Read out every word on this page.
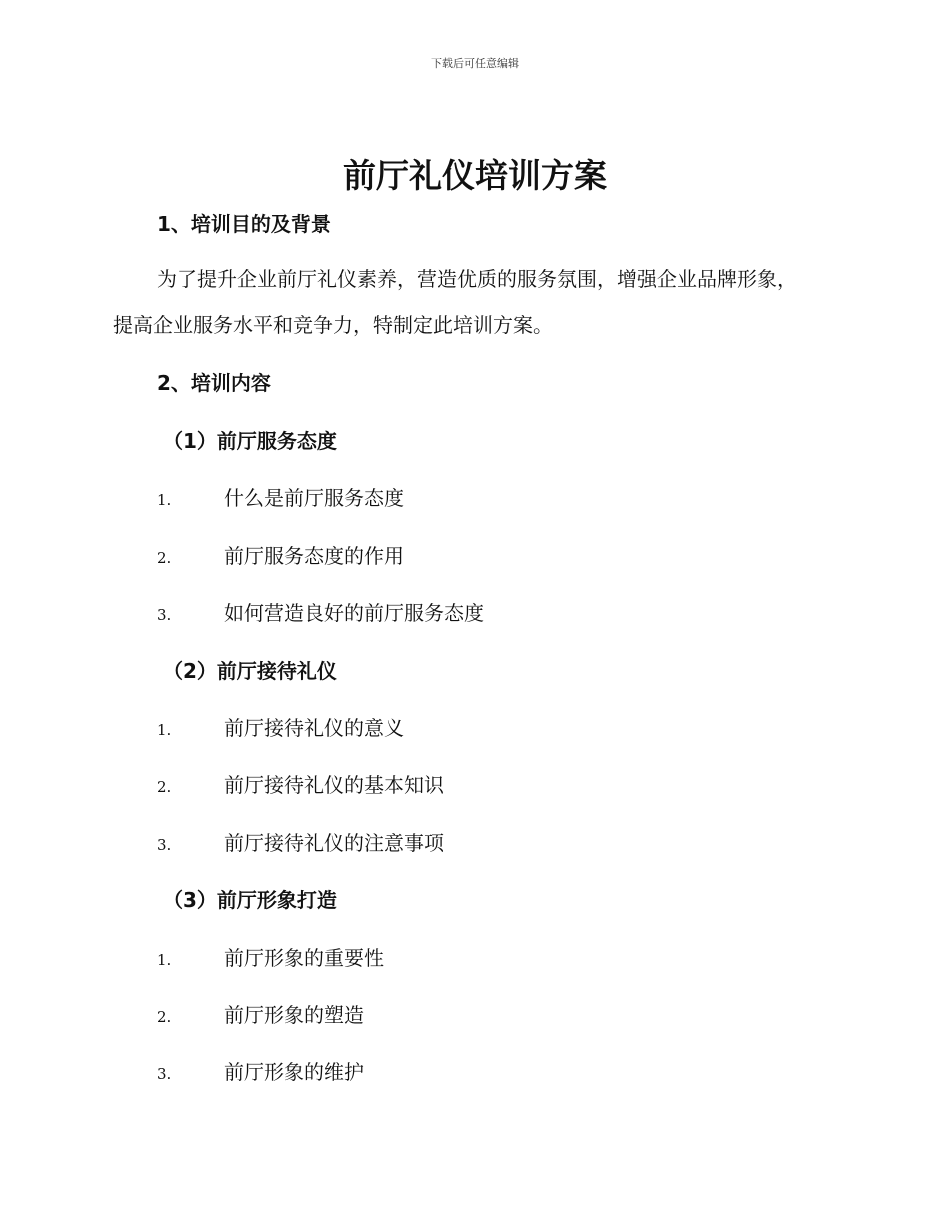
下载后可任意编辑
前厅礼仪培训方案
1、培训目的及背景
为了提升企业前厅礼仪素养，营造优质的服务氛围，增强企业品牌形象，提高企业服务水平和竞争力，特制定此培训方案。
2、培训内容
（1）前厅服务态度
1.	什么是前厅服务态度
2.	前厅服务态度的作用
3.	如何营造良好的前厅服务态度
（2）前厅接待礼仪
1.	前厅接待礼仪的意义
2.	前厅接待礼仪的基本知识
3.	前厅接待礼仪的注意事项
（3）前厅形象打造
1.	前厅形象的重要性
2.	前厅形象的塑造
3.	前厅形象的维护
